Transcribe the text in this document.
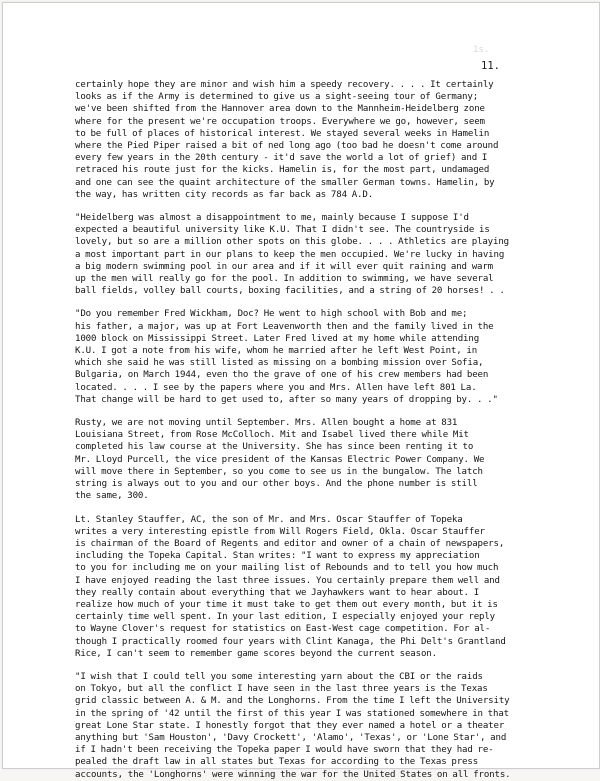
1s.
11.

certainly hope they are minor and wish him a speedy recovery. . . . It certainly
looks as if the Army is determined to give us a sight-seeing tour of Germany;
we've been shifted from the Hannover area down to the Mannheim-Heidelberg zone
where for the present we're occupation troops. Everywhere we go, however, seem
to be full of places of historical interest. We stayed several weeks in Hamelin
where the Pied Piper raised a bit of ned long ago (too bad he doesn't come around
every few years in the 20th century - it'd save the world a lot of grief) and I
retraced his route just for the kicks. Hamelin is, for the most part, undamaged
and one can see the quaint architecture of the smaller German towns. Hamelin, by
the way, has written city records as far back as 784 A.D.

"Heidelberg was almost a disappointment to me, mainly because I suppose I'd
expected a beautiful university like K.U. That I didn't see. The countryside is
lovely, but so are a million other spots on this globe. . . . Athletics are playing
a most important part in our plans to keep the men occupied. We're lucky in having
a big modern swimming pool in our area and if it will ever quit raining and warm
up the men will really go for the pool. In addition to swimming, we have several
ball fields, volley ball courts, boxing facilities, and a string of 20 horses! . .

"Do you remember Fred Wickham, Doc? He went to high school with Bob and me;
his father, a major, was up at Fort Leavenworth then and the family lived in the
1000 block on Mississippi Street. Later Fred lived at my home while attending
K.U. I got a note from his wife, whom he married after he left West Point, in
which she said he was still listed as missing on a bombing mission over Sofia,
Bulgaria, on March 1944, even tho the grave of one of his crew members had been
located. . . . I see by the papers where you and Mrs. Allen have left 801 La.
That change will be hard to get used to, after so many years of dropping by. . ."

Rusty, we are not moving until September. Mrs. Allen bought a home at 831
Louisiana Street, from Rose McColloch. Mit and Isabel lived there while Mit
completed his law course at the University. She has since been renting it to
Mr. Lloyd Purcell, the vice president of the Kansas Electric Power Company. We
will move there in September, so you come to see us in the bungalow. The latch
string is always out to you and our other boys. And the phone number is still
the same, 300.

Lt. Stanley Stauffer, AC, the son of Mr. and Mrs. Oscar Stauffer of Topeka
writes a very interesting epistle from Will Rogers Field, Okla. Oscar Stauffer
is chairman of the Board of Regents and editor and owner of a chain of newspapers,
including the Topeka Capital. Stan writes: "I want to express my appreciation
to you for including me on your mailing list of Rebounds and to tell you how much
I have enjoyed reading the last three issues. You certainly prepare them well and
they really contain about everything that we Jayhawkers want to hear about. I
realize how much of your time it must take to get them out every month, but it is
certainly time well spent. In your last edition, I especially enjoyed your reply
to Wayne Clover's request for statistics on East-West cage competition. For al-
though I practically roomed four years with Clint Kanaga, the Phi Delt's Grantland
Rice, I can't seem to remember game scores beyond the current season.

"I wish that I could tell you some interesting yarn about the CBI or the raids
on Tokyo, but all the conflict I have seen in the last three years is the Texas
grid classic between A. & M. and the Longhorns. From the time I left the University
in the spring of '42 until the first of this year I was stationed somewhere in that
great Lone Star state. I honestly forgot that they ever named a hotel or a theater
anything but 'Sam Houston', 'Davy Crockett', 'Alamo', 'Texas', or 'Lone Star', and
if I hadn't been receiving the Topeka paper I would have sworn that they had re-
pealed the draft law in all states but Texas for according to the Texas press
accounts, the 'Longhorns' were winning the war for the United States on all fronts.
